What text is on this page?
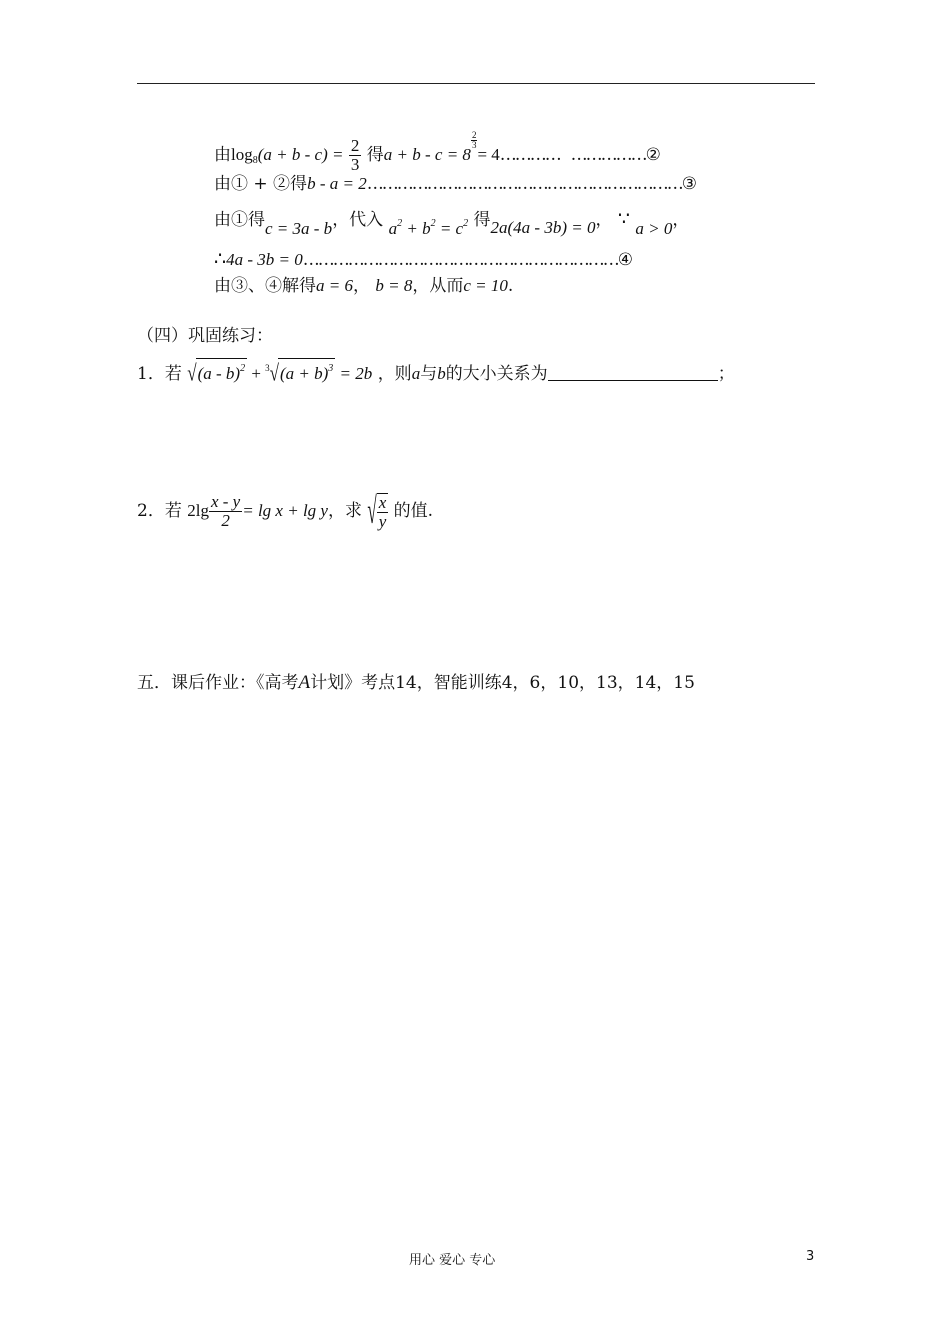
由$\log_8(a + b - c) = \frac{2}{3}$ 得a + b - c = 8
$\frac{2}{3}$
= 4………… ……………②
由① + ②得b - a = 2………………………………………………………③
由①得c = 3a - b，代入 $a^2 + b^2 = c^2$ 得2a(4a - 3b) = 0， ∵ a > 0，
∴4a - 3b = 0………………………………………………………④
由③、④解得a = 6， b = 8，从而c = 10.
（四）巩固练习：
1．若 $√(a - b)^2 + ^3√(a + b)^3 = 2b$ ，则a与b的大小关系为	；
2．若 $2\lg \frac{x - y}{2} = \lg x + \lg y$，求 √ $\frac{x}{y}$ 的值.
五．课后作业：《高考A计划》考点14，智能训练4，6，10，13，14，15
用心 爱心 专心	3
